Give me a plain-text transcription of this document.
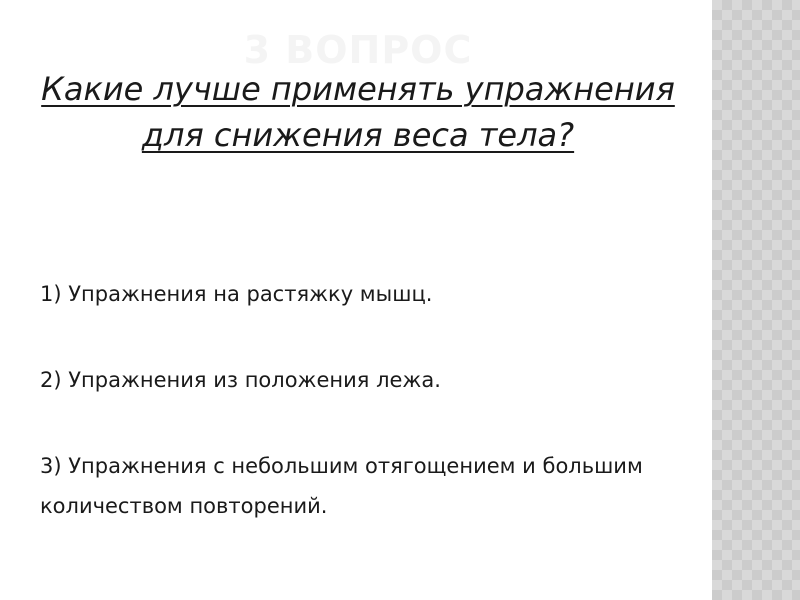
3 ВОПРОС

Какие лучше применять упражнения для снижения веса тела?

1) Упражнения на растяжку мышц.
2) Упражнения из положения лежа.
3) Упражнения с небольшим отягощением и большим количеством повторений.
